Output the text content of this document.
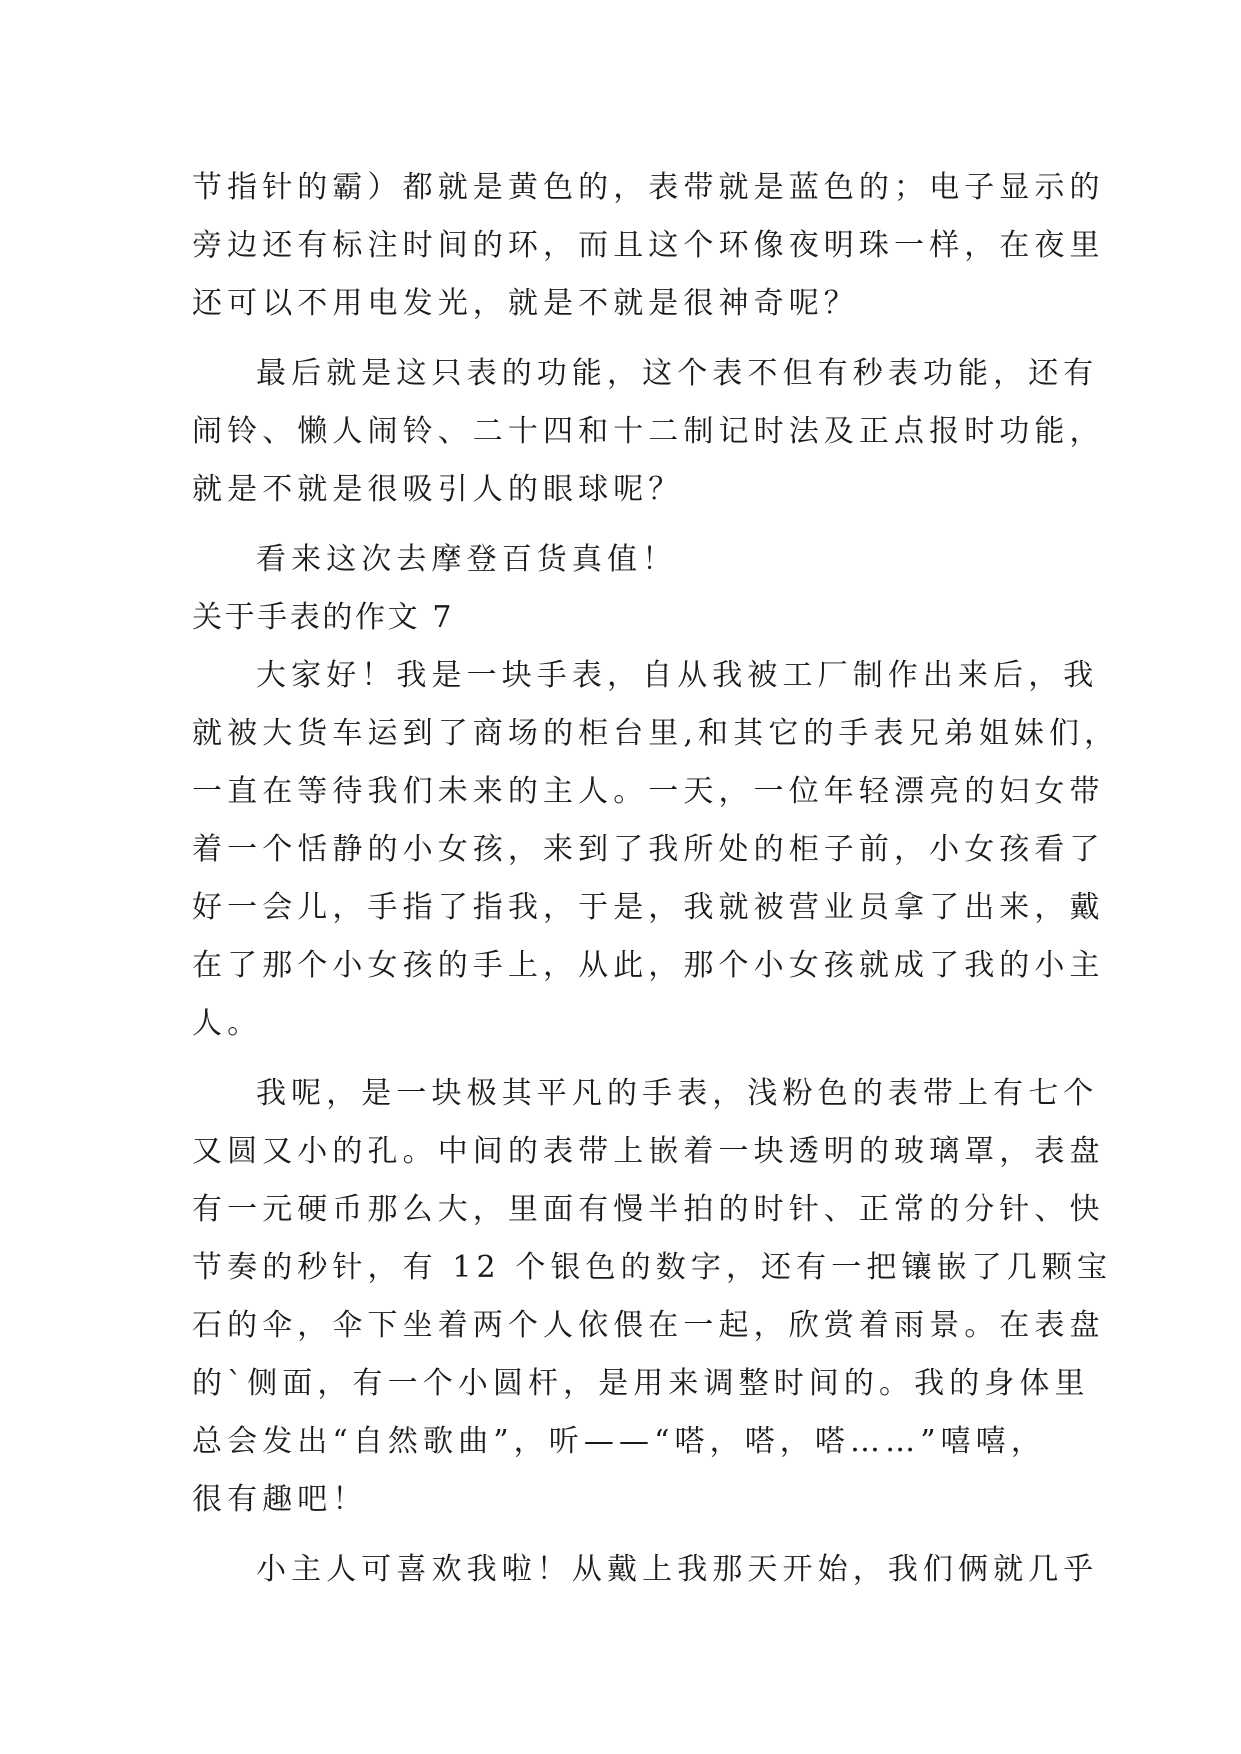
节指针的霸）都就是黄色的，表带就是蓝色的；电子显示的
旁边还有标注时间的环，而且这个环像夜明珠一样，在夜里
还可以不用电发光，就是不就是很神奇呢？
最后就是这只表的功能，这个表不但有秒表功能，还有
闹铃、懒人闹铃、二十四和十二制记时法及正点报时功能，
就是不就是很吸引人的眼球呢？
看来这次去摩登百货真值！
关于手表的作文 7
大家好！我是一块手表，自从我被工厂制作出来后，我
就被大货车运到了商场的柜台里,和其它的手表兄弟姐妹们，
一直在等待我们未来的主人。一天，一位年轻漂亮的妇女带
着一个恬静的小女孩，来到了我所处的柜子前，小女孩看了
好一会儿，手指了指我，于是，我就被营业员拿了出来，戴
在了那个小女孩的手上，从此，那个小女孩就成了我的小主
人。
我呢，是一块极其平凡的手表，浅粉色的表带上有七个
又圆又小的孔。中间的表带上嵌着一块透明的玻璃罩，表盘
有一元硬币那么大，里面有慢半拍的时针、正常的分针、快
节奏的秒针，有 12 个银色的数字，还有一把镶嵌了几颗宝
石的伞，伞下坐着两个人依偎在一起，欣赏着雨景。在表盘
的`侧面，有一个小圆杆，是用来调整时间的。我的身体里
总会发出“自然歌曲”，听——“嗒，嗒，嗒……”嘻嘻，
很有趣吧！
小主人可喜欢我啦！从戴上我那天开始，我们俩就几乎
